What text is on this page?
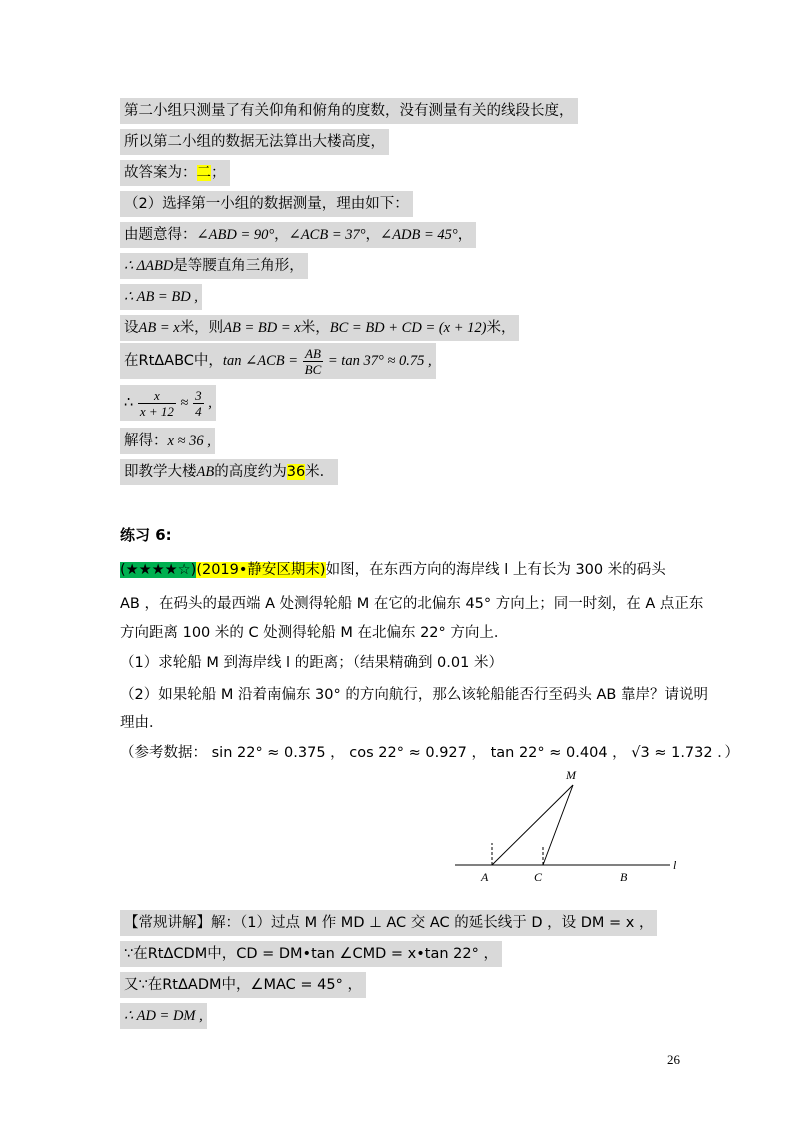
第二小组只测量了有关仰角和俯角的度数，没有测量有关的线段长度，
所以第二小组的数据无法算出大楼高度，
故答案为：二；
（2）选择第一小组的数据测量，理由如下：
由题意得：∠ABD = 90°，∠ACB = 37°，∠ADB = 45°，
∴ ΔABD是等腰直角三角形，
∴ AB = BD ,
设AB = x米，则AB = BD = x米，BC = BD + CD = (x + 12)米，
在RtΔABC中，tan ∠ACB = $\frac{AB}{BC} = \tan 37^\circ \approx 0.75$ ,
∴ $\frac{x}{x + 12} \approx \frac{3}{4}$ ,
解得：x ≈ 36 ,
即教学大楼AB的高度约为36米．
练习 6:
(★★★★☆)(2019•静安区期末)如图，在东西方向的海岸线 l 上有长为 300 米的码头
AB ，在码头的最西端 A 处测得轮船 M 在它的北偏东 45° 方向上；同一时刻，在 A 点正东
方向距离 100 米的 C 处测得轮船 M 在北偏东 22° 方向上．
（1）求轮船 M 到海岸线 l 的距离；（结果精确到 0.01 米）
（2）如果轮船 M 沿着南偏东 30° 的方向航行，那么该轮船能否行至码头 AB 靠岸？请说明
理由．
（参考数据： sin 22° ≈ 0.375 ， cos 22° ≈ 0.927 ， tan 22° ≈ 0.404 ， √3 ≈ 1.732 ．）
M
A	C	B
l
【常规讲解】解：（1）过点 M 作 MD ⊥ AC 交 AC 的延长线于 D ，设 DM = x ，
∵在RtΔCDM中，CD = DM•tan ∠CMD = x•tan 22° ，
又∵在RtΔADM中，∠MAC = 45° ，
∴ AD = DM ,
26
